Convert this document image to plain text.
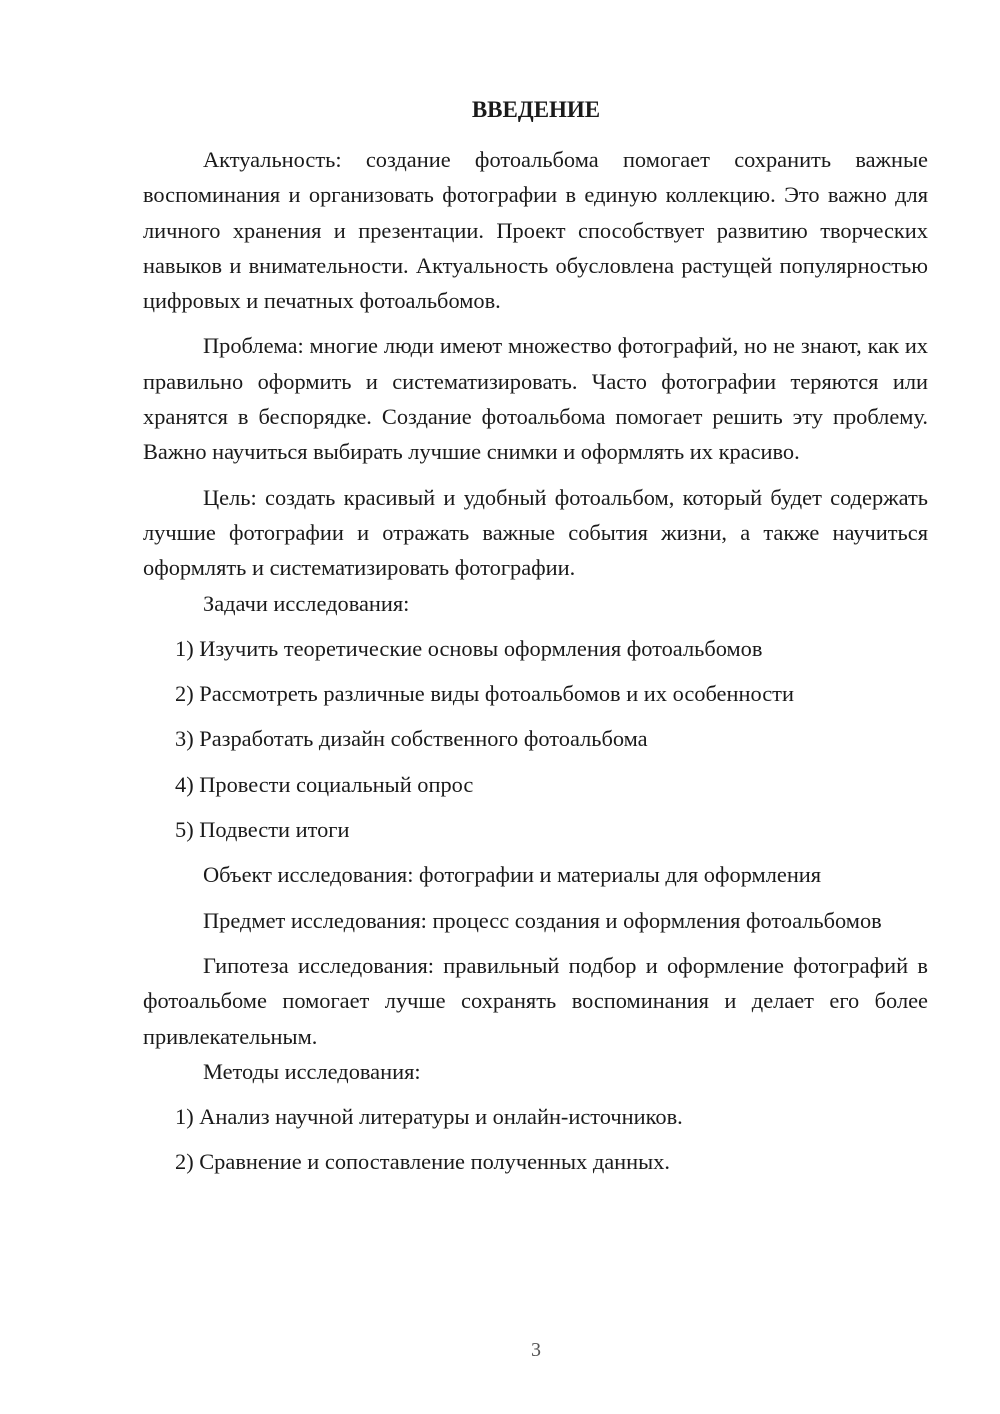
ВВЕДЕНИЕ

Актуальность: создание фотоальбома помогает сохранить важные воспоминания и организовать фотографии в единую коллекцию. Это важно для личного хранения и презентации. Проект способствует развитию творческих навыков и внимательности. Актуальность обусловлена растущей популярностью цифровых и печатных фотоальбомов.

Проблема: многие люди имеют множество фотографий, но не знают, как их правильно оформить и систематизировать. Часто фотографии теряются или хранятся в беспорядке. Создание фотоальбома помогает решить эту проблему. Важно научиться выбирать лучшие снимки и оформлять их красиво.

Цель: создать красивый и удобный фотоальбом, который будет содержать лучшие фотографии и отражать важные события жизни, а также научиться оформлять и систематизировать фотографии.

Задачи исследования:

1) Изучить теоретические основы оформления фотоальбомов

2) Рассмотреть различные виды фотоальбомов и их особенности

3) Разработать дизайн собственного фотоальбома

4) Провести социальный опрос

5) Подвести итоги

Объект исследования: фотографии и материалы для оформления

Предмет исследования: процесс создания и оформления фотоальбомов

Гипотеза исследования: правильный подбор и оформление фотографий в фотоальбоме помогает лучше сохранять воспоминания и делает его более привлекательным.

Методы исследования:

1) Анализ научной литературы и онлайн-источников.

2) Сравнение и сопоставление полученных данных.

3
